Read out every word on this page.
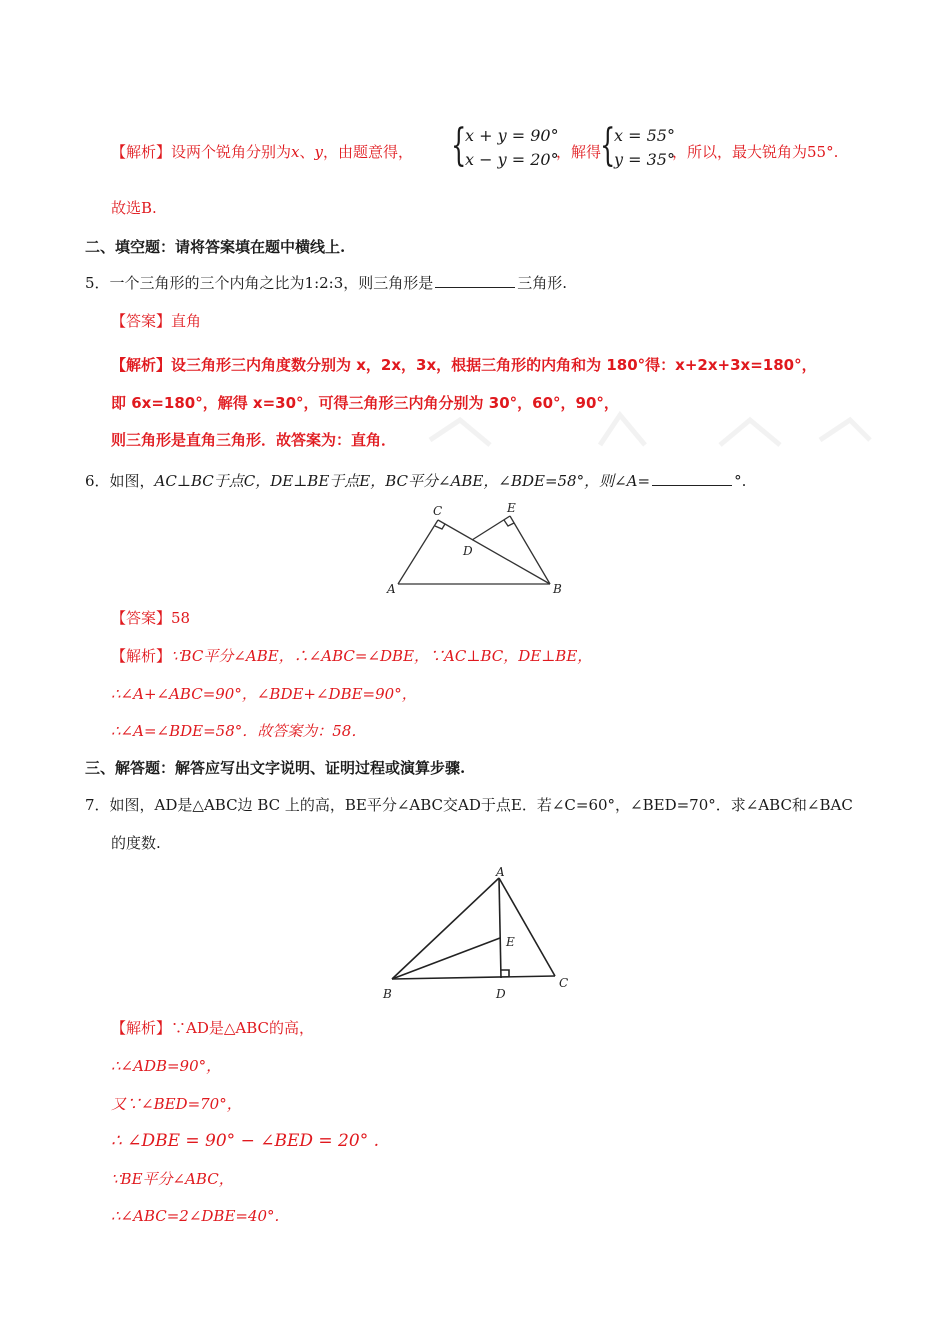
【解析】设两个锐角分别为x、y，由题意得， {
x + y = 90°
x − y = 20°
，解得
{
x = 55°
y = 35°
，所以，最大锐角为55°.
故选B.
二、填空题：请将答案填在题中横线上.
5．一个三角形的三个内角之比为1:2:3，则三角形是	三角形.
【答案】直角
【解析】设三角形三内角度数分别为 x，2x，3x，根据三角形的内角和为 180°得：x+2x+3x=180°，
即 6x=180°，解得 x=30°，可得三角形三内角分别为 30°，60°，90°，
则三角形是直角三角形．故答案为：直角．
6．如图，AC⊥BC于点C，DE⊥BE于点E，BC平分∠ABE，∠BDE=58°，则∠A=	°.
A	B
C
D
E
【答案】58
【解析】∵BC平分∠ABE，∴∠ABC=∠DBE，∵AC⊥BC，DE⊥BE，
∴∠A+∠ABC=90°，∠BDE+∠DBE=90°，
∴∠A=∠BDE=58°．故答案为：58．
三、解答题：解答应写出文字说明、证明过程或演算步骤.
7．如图，AD是△ABC边 BC 上的高，BE平分∠ABC交AD于点E．若∠C=60°，∠BED=70°．求∠ABC和∠BAC
的度数.
A
B
C
D
E
【解析】∵AD是△ABC的高，
∴∠ADB=90°，
又∵∠BED=70°，
∴ ∠DBE = 90° − ∠BED = 20° .
∵BE平分∠ABC，
∴∠ABC=2∠DBE=40°.
